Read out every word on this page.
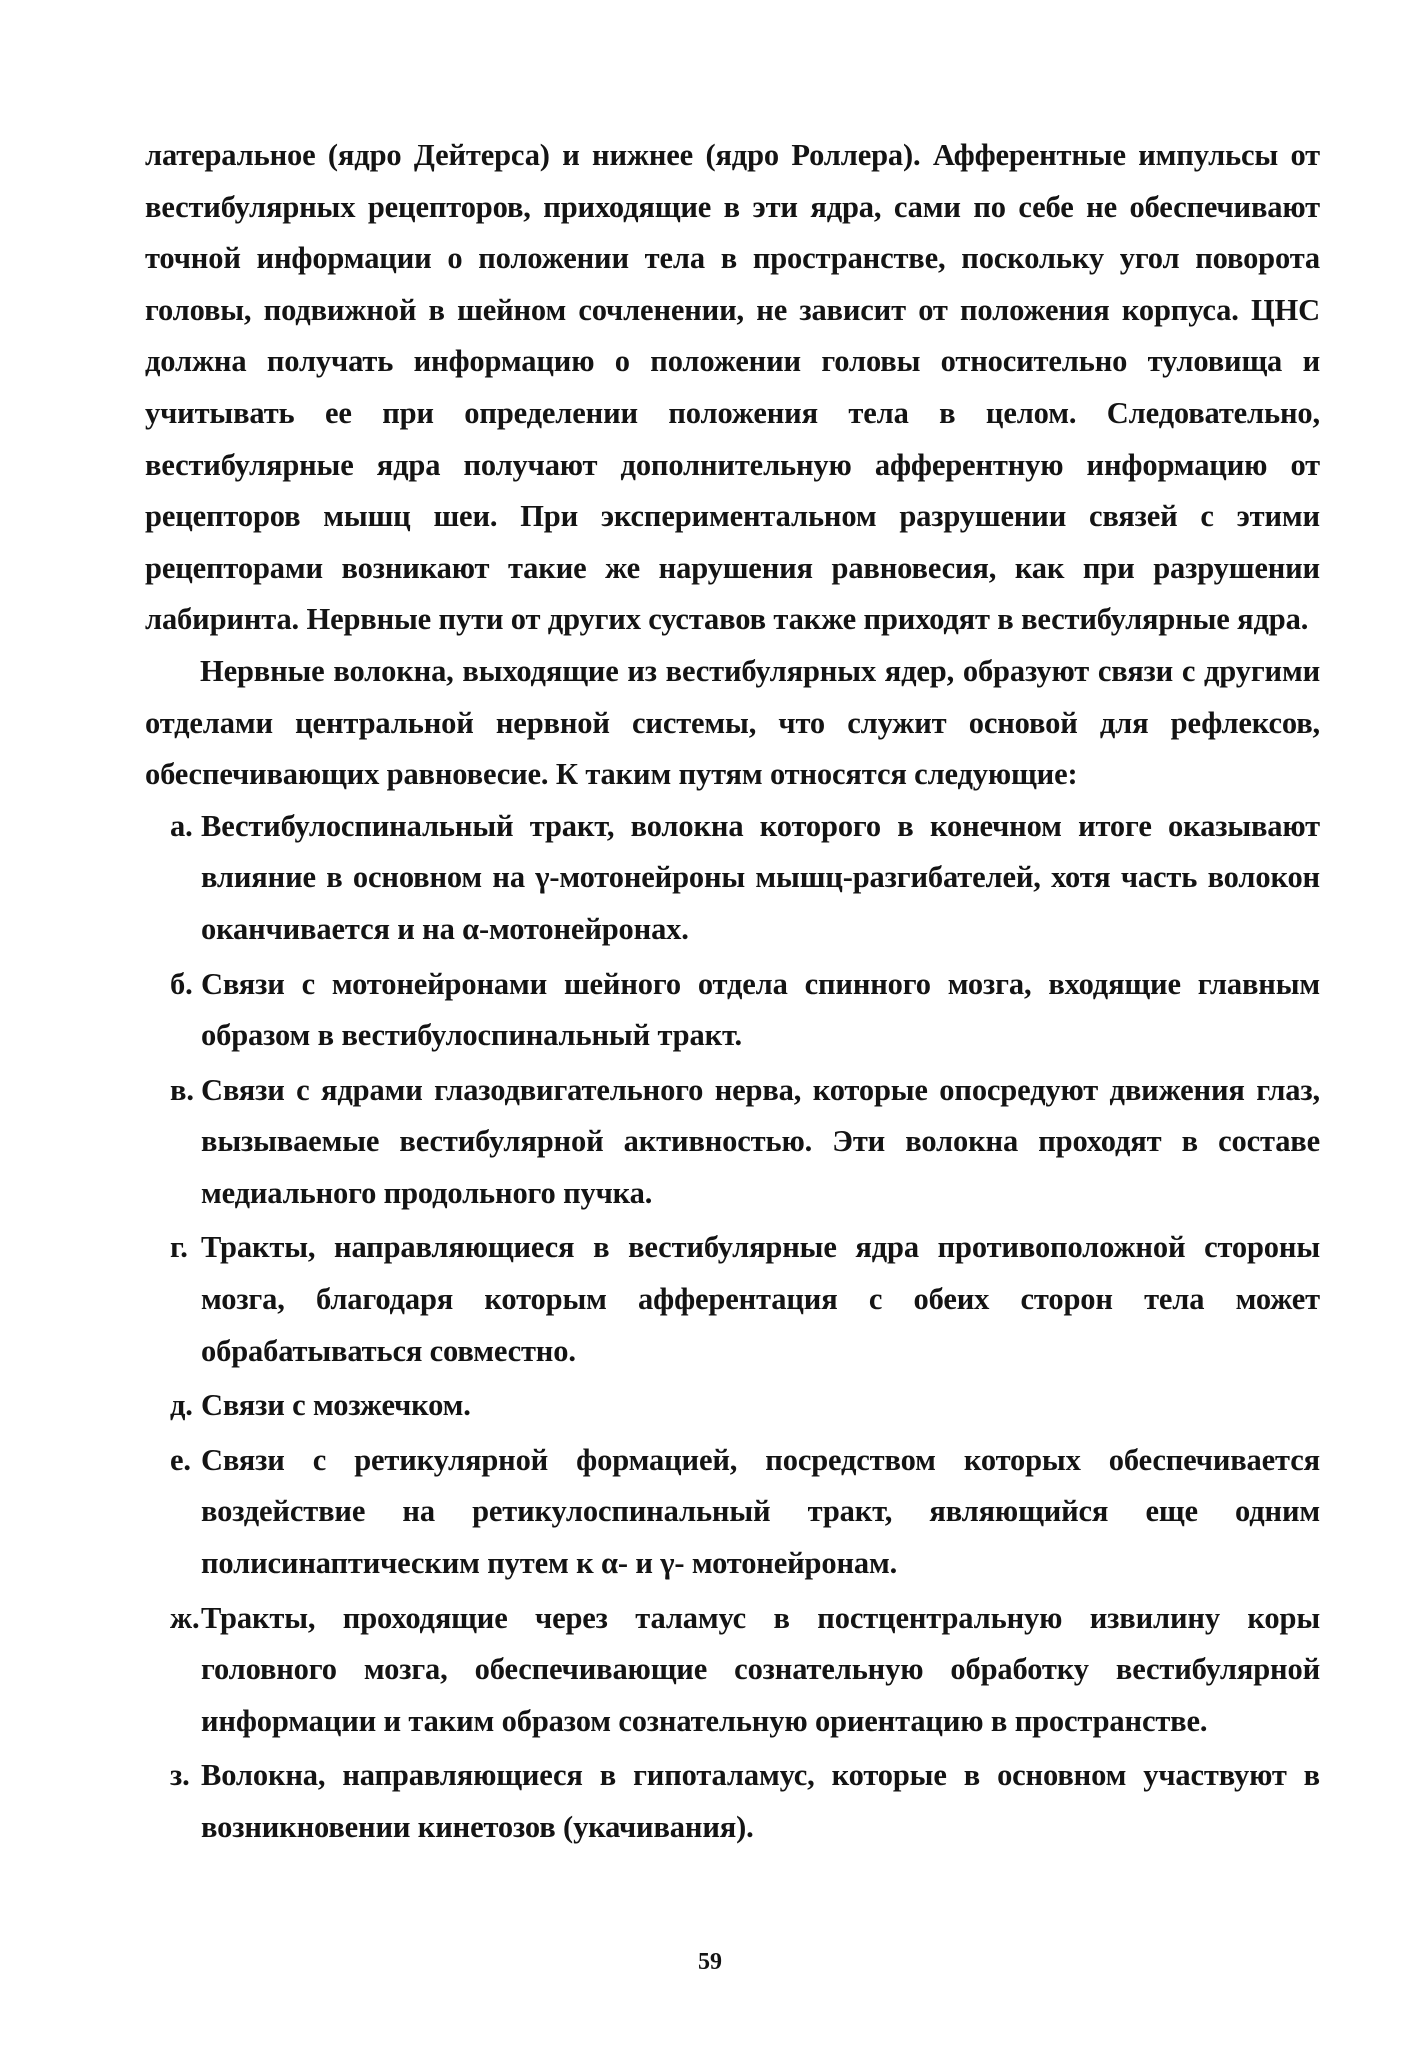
латеральное (ядро Дейтерса) и нижнее (ядро Роллера). Афферентные импульсы от вестибулярных рецепторов, приходящие в эти ядра, сами по себе не обеспечивают точной информации о положении тела в пространстве, поскольку угол поворота головы, подвижной в шейном сочленении, не зависит от положения корпуса. ЦНС должна получать информацию о положении головы относительно туловища и учитывать ее при определении положения тела в целом. Следовательно, вестибулярные ядра получают дополнительную афферентную информацию от рецепторов мышц шеи. При экспериментальном разрушении связей с этими рецепторами возникают такие же нарушения равновесия, как при разрушении лабиринта. Нервные пути от других суставов также приходят в вестибулярные ядра.

Нервные волокна, выходящие из вестибулярных ядер, образуют связи с другими отделами центральной нервной системы, что служит основой для рефлексов, обеспечивающих равновесие. К таким путям относятся следующие:

а. Вестибулоспинальный тракт, волокна которого в конечном итоге оказывают влияние в основном на γ-мотонейроны мышц-разгибателей, хотя часть волокон оканчивается и на α-мотонейронах.
б. Связи с мотонейронами шейного отдела спинного мозга, входящие главным образом в вестибулоспинальный тракт.
в. Связи с ядрами глазодвигательного нерва, которые опосредуют движения глаз, вызываемые вестибулярной активностью. Эти волокна проходят в составе медиального продольного пучка.
г. Тракты, направляющиеся в вестибулярные ядра противоположной стороны мозга, благодаря которым афферентация с обеих сторон тела может обрабатываться совместно.
д. Связи с мозжечком.
е. Связи с ретикулярной формацией, посредством которых обеспечивается воздействие на ретикулоспинальный тракт, являющийся еще одним полисинаптическим путем к α- и γ- мотонейронам.
ж. Тракты, проходящие через таламус в постцентральную извилину коры головного мозга, обеспечивающие сознательную обработку вестибулярной информации и таким образом сознательную ориентацию в пространстве.
з. Волокна, направляющиеся в гипоталамус, которые в основном участвуют в возникновении кинетозов (укачивания).
59
